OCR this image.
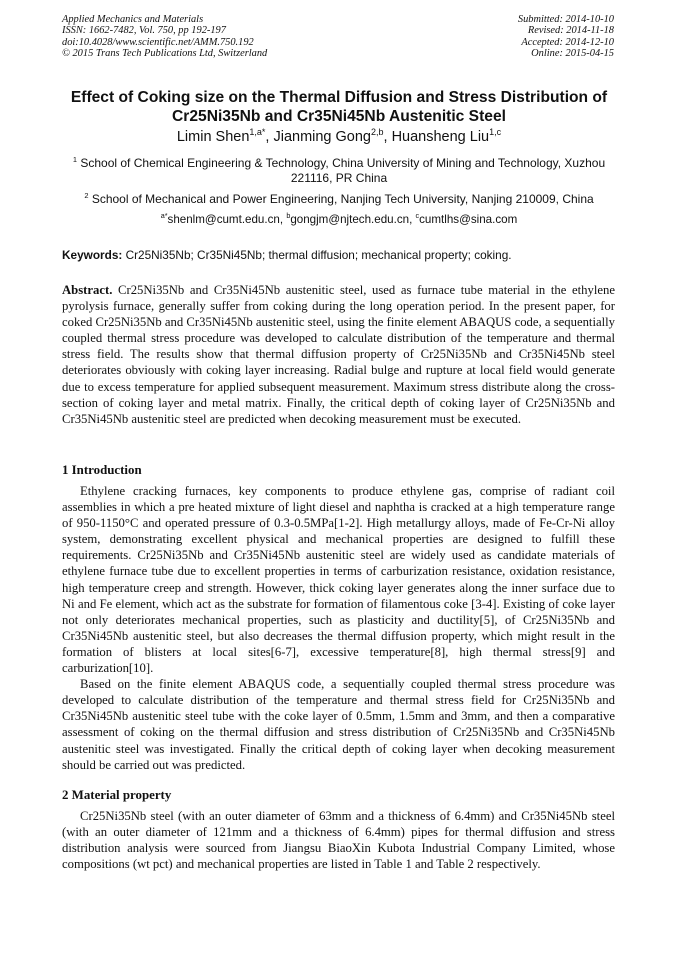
Applied Mechanics and Materials
ISSN: 1662-7482, Vol. 750, pp 192-197
doi:10.4028/www.scientific.net/AMM.750.192
© 2015 Trans Tech Publications Ltd, Switzerland
Submitted: 2014-10-10
Revised: 2014-11-18
Accepted: 2014-12-10
Online: 2015-04-15
Effect of Coking size on the Thermal Diffusion and Stress Distribution of Cr25Ni35Nb and Cr35Ni45Nb Austenitic Steel
Limin Shen$^{1,a*}$, Jianming Gong$^{2,b}$, Huansheng Liu$^{1,c}$
$^1$ School of Chemical Engineering & Technology, China University of Mining and Technology, Xuzhou 221116, PR China
$^2$ School of Mechanical and Power Engineering, Nanjing Tech University, Nanjing 210009, China
$^{a*}$shenlm@cumt.edu.cn, $^b$gongjm@njtech.edu.cn, $^c$cumtlhs@sina.com
Keywords: Cr25Ni35Nb; Cr35Ni45Nb; thermal diffusion; mechanical property; coking.
Abstract. Cr25Ni35Nb and Cr35Ni45Nb austenitic steel, used as furnace tube material in the ethylene pyrolysis furnace, generally suffer from coking during the long operation period. In the present paper, for coked Cr25Ni35Nb and Cr35Ni45Nb austenitic steel, using the finite element ABAQUS code, a sequentially coupled thermal stress procedure was developed to calculate distribution of the temperature and thermal stress field. The results show that thermal diffusion property of Cr25Ni35Nb and Cr35Ni45Nb steel deteriorates obviously with coking layer increasing. Radial bulge and rupture at local field would generate due to excess temperature for applied subsequent measurement. Maximum stress distribute along the cross-section of coking layer and metal matrix. Finally, the critical depth of coking layer of Cr25Ni35Nb and Cr35Ni45Nb austenitic steel are predicted when decoking measurement must be executed.
1 Introduction

Ethylene cracking furnaces, key components to produce ethylene gas, comprise of radiant coil assemblies in which a pre heated mixture of light diesel and naphtha is cracked at a high temperature range of 950-1150°C and operated pressure of 0.3-0.5MPa[1-2]. High metallurgy alloys, made of Fe-Cr-Ni alloy system, demonstrating excellent physical and mechanical properties are designed to fulfill these requirements. Cr25Ni35Nb and Cr35Ni45Nb austenitic steel are widely used as candidate materials of ethylene furnace tube due to excellent properties in terms of carburization resistance, oxidation resistance, high temperature creep and strength. However, thick coking layer generates along the inner surface due to Ni and Fe element, which act as the substrate for formation of filamentous coke [3-4]. Existing of coke layer not only deteriorates mechanical properties, such as plasticity and ductility[5], of Cr25Ni35Nb and Cr35Ni45Nb austenitic steel, but also decreases the thermal diffusion property, which might result in the formation of blisters at local sites[6-7], excessive temperature[8], high thermal stress[9] and carburization[10].

Based on the finite element ABAQUS code, a sequentially coupled thermal stress procedure was developed to calculate distribution of the temperature and thermal stress field for Cr25Ni35Nb and Cr35Ni45Nb austenitic steel tube with the coke layer of 0.5mm, 1.5mm and 3mm, and then a comparative assessment of coking on the thermal diffusion and stress distribution of Cr25Ni35Nb and Cr35Ni45Nb austenitic steel was investigated. Finally the critical depth of coking layer when decoking measurement should be carried out was predicted.

2 Material property

Cr25Ni35Nb steel (with an outer diameter of 63mm and a thickness of 6.4mm) and Cr35Ni45Nb steel (with an outer diameter of 121mm and a thickness of 6.4mm) pipes for thermal diffusion and stress distribution analysis were sourced from Jiangsu BiaoXin Kubota Industrial Company Limited, whose compositions (wt pct) and mechanical properties are listed in Table 1 and Table 2 respectively.
